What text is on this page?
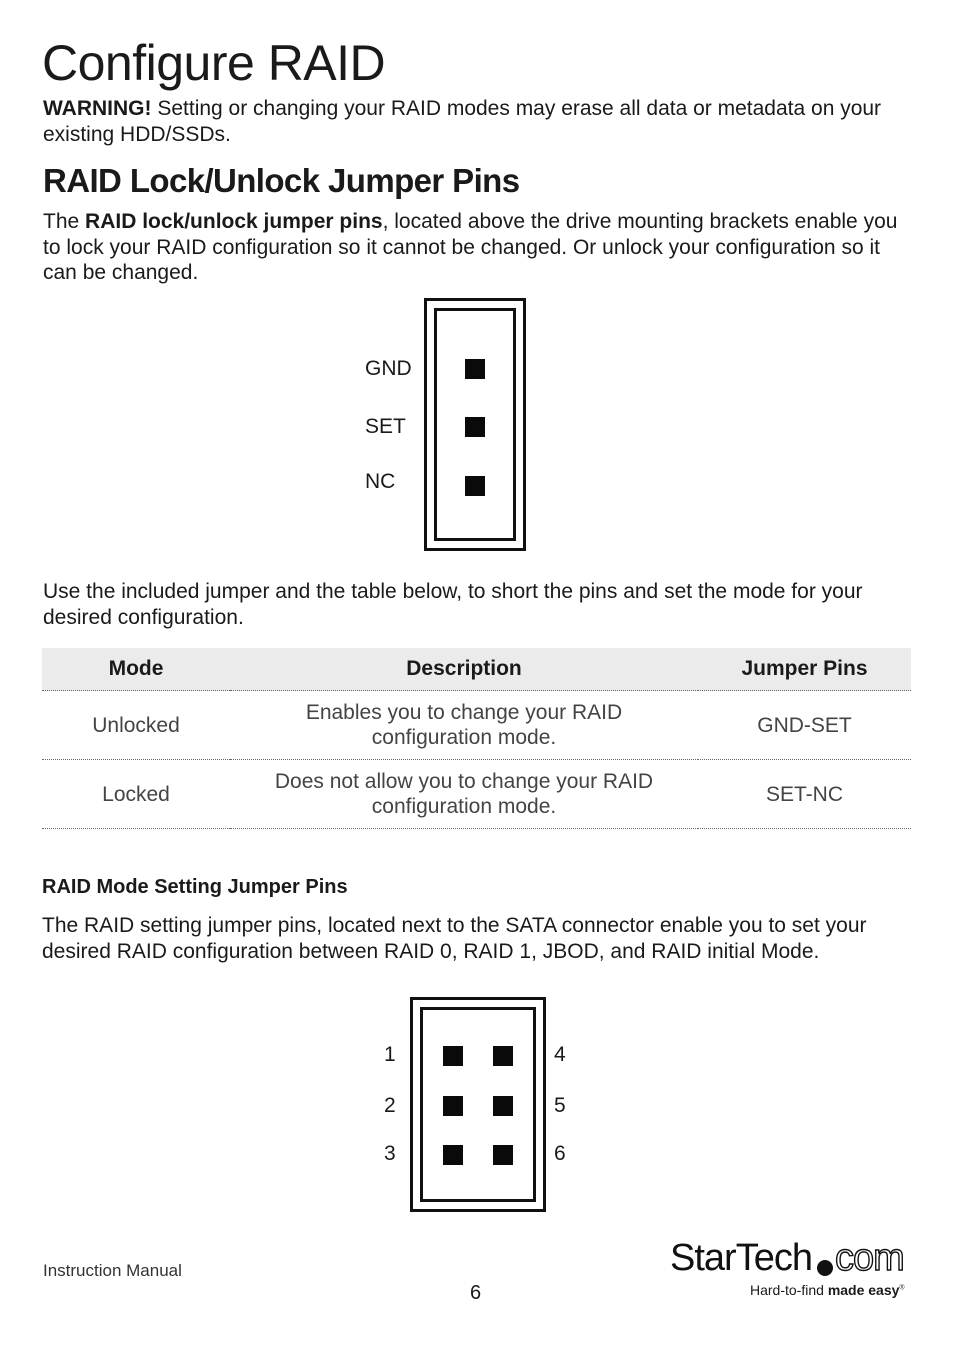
Configure RAID
WARNING! Setting or changing your RAID modes may erase all data or metadata on your existing HDD/SSDs.
RAID Lock/Unlock Jumper Pins
The RAID lock/unlock jumper pins, located above the drive mounting brackets enable you to lock your RAID configuration so it cannot be changed. Or unlock your configuration so it can be changed.
GND
SET
NC
Use the included jumper and the table below, to short the pins and set the mode for your desired configuration.
Mode	Description	Jumper Pins
Unlocked	Enables you to change your RAID configuration mode.	GND-SET
Locked	Does not allow you to change your RAID configuration mode.	SET-NC
RAID Mode Setting Jumper Pins
The RAID setting jumper pins, located next to the SATA connector enable you to set your desired RAID configuration between RAID 0, RAID 1, JBOD, and RAID initial Mode.
1
2
3
4
5
6
Instruction Manual
6
StarTech com
Hard-to-find made easy®
